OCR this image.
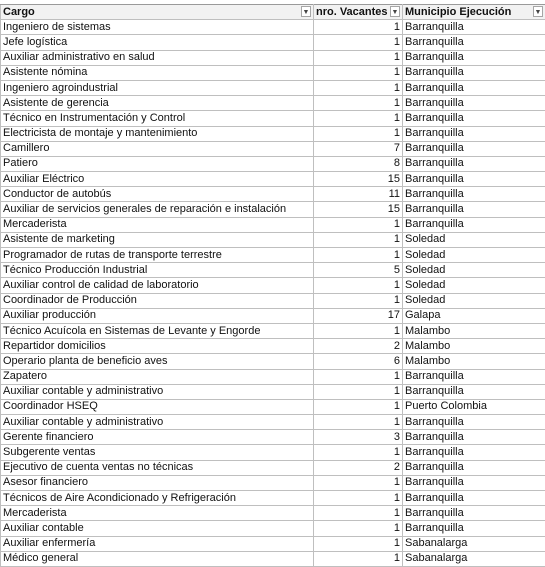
Cargo ▼	nro. Vacantes ▼	Municipio Ejecución ▼

Ingeniero de sistemas	1	Barranquilla
Jefe logística	1	Barranquilla
Auxiliar administrativo en salud	1	Barranquilla
Asistente nómina	1	Barranquilla
Ingeniero agroindustrial	1	Barranquilla
Asistente de gerencia	1	Barranquilla
Técnico en Instrumentación y Control	1	Barranquilla
Electricista de montaje y mantenimiento	1	Barranquilla
Camillero	7	Barranquilla
Patiero	8	Barranquilla
Auxiliar Eléctrico	15	Barranquilla
Conductor de autobús	11	Barranquilla
Auxiliar de servicios generales de reparación e instalación	15	Barranquilla
Mercaderista	1	Barranquilla
Asistente de marketing	1	Soledad
Programador de rutas de transporte terrestre	1	Soledad
Técnico Producción Industrial	5	Soledad
Auxiliar control de calidad de laboratorio	1	Soledad
Coordinador de Producción	1	Soledad
Auxiliar producción	17	Galapa
Técnico Acuícola en Sistemas de Levante y Engorde	1	Malambo
Repartidor domicilios	2	Malambo
Operario planta de beneficio aves	6	Malambo
Zapatero	1	Barranquilla
Auxiliar contable y administrativo	1	Barranquilla
Coordinador HSEQ	1	Puerto Colombia
Auxiliar contable y administrativo	1	Barranquilla
Gerente financiero	3	Barranquilla
Subgerente ventas	1	Barranquilla
Ejecutivo de cuenta ventas no técnicas	2	Barranquilla
Asesor financiero	1	Barranquilla
Técnicos de Aire Acondicionado y Refrigeración	1	Barranquilla
Mercaderista	1	Barranquilla
Auxiliar contable	1	Barranquilla
Auxiliar enfermería	1	Sabanalarga
Médico general	1	Sabanalarga
